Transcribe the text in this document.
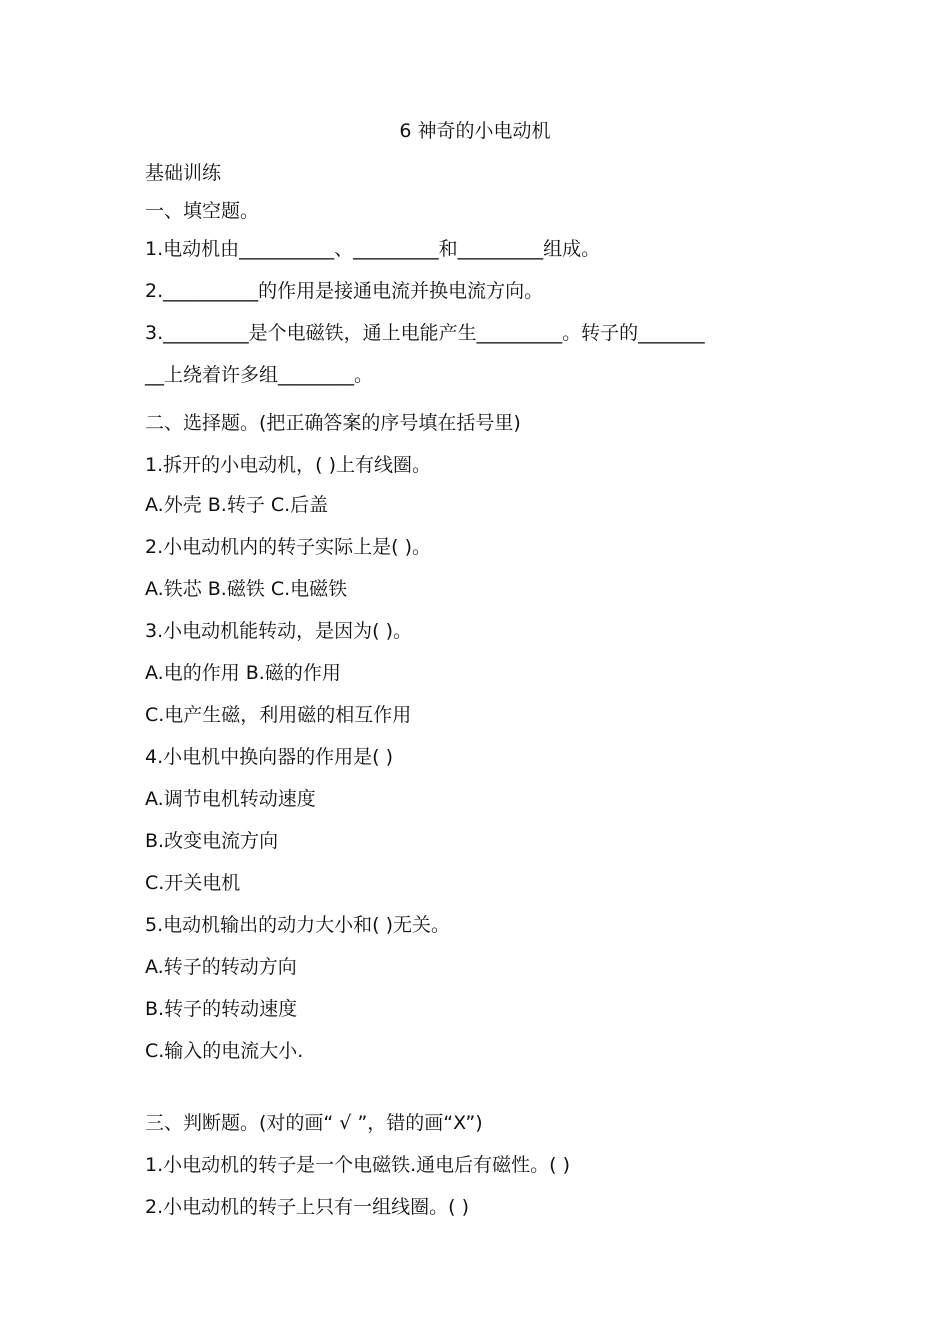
6 神奇的小电动机
基础训练
一、填空题。
1.电动机由__________、_________和_________组成。
2.__________的作用是接通电流并换电流方向。
3._________是个电磁铁，通上电能产生_________。转子的_______
__上绕着许多组________。
二、选择题。(把正确答案的序号填在括号里)
1.拆开的小电动机，( )上有线圈。
A.外壳 B.转子 C.后盖
2.小电动机内的转子实际上是( )。
A.铁芯 B.磁铁 C.电磁铁
3.小电动机能转动，是因为( )。
A.电的作用 B.磁的作用
C.电产生磁，利用磁的相互作用
4.小电机中换向器的作用是( )
A.调节电机转动速度
B.改变电流方向
C.开关电机
5.电动机输出的动力大小和( )无关。
A.转子的转动方向
B.转子的转动速度
C.输入的电流大小.
三、判断题。(对的画“ √ ”，错的画“X”)
1.小电动机的转子是一个电磁铁.通电后有磁性。( )
2.小电动机的转子上只有一组线圈。( )
